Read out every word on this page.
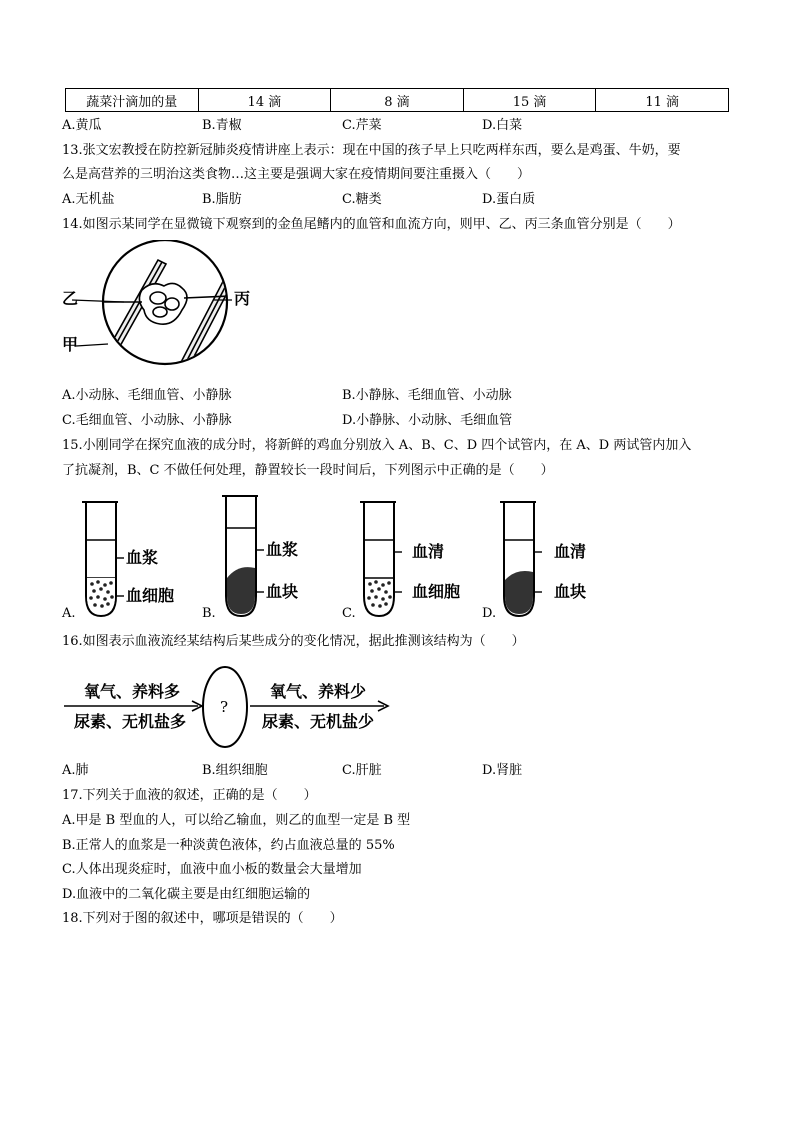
蔬菜汁滴加的量	14 滴	8 滴	15 滴	11 滴
A.黄瓜	B.青椒	C.芹菜	D.白菜
13.张文宏教授在防控新冠肺炎疫情讲座上表示：现在中国的孩子早上只吃两样东西，要么是鸡蛋、牛奶，要
么是高营养的三明治这类食物…这主要是强调大家在疫情期间要注重摄入（　　）
A.无机盐	B.脂肪	C.糖类	D.蛋白质
14.如图示某同学在显微镜下观察到的金鱼尾鳍内的血管和血流方向，则甲、乙、丙三条血管分别是（　　）
乙	丙
甲
A.小动脉、毛细血管、小静脉	B.小静脉、毛细血管、小动脉
C.毛细血管、小动脉、小静脉	D.小静脉、小动脉、毛细血管
15.小刚同学在探究血液的成分时，将新鲜的鸡血分别放入 A、B、C、D 四个试管内，在 A、D 两试管内加入
了抗凝剂，B、C 不做任何处理，静置较长一段时间后，下列图示中正确的是（　　）
血浆
血细胞
A.
血浆
血块
B.
血清
血细胞
C.
血清
血块
D.
16.如图表示血液流经某结构后某些成分的变化情况，据此推测该结构为（　　）
氧气、养料多
尿素、无机盐多
?
氧气、养料少
尿素、无机盐少
A.肺	B.组织细胞	C.肝脏	D.肾脏
17.下列关于血液的叙述，正确的是（　　）
A.甲是 B 型血的人，可以给乙输血，则乙的血型一定是 B 型
B.正常人的血浆是一种淡黄色液体，约占血液总量的 55%
C.人体出现炎症时，血液中血小板的数量会大量增加
D.血液中的二氧化碳主要是由红细胞运输的
18.下列对于图的叙述中，哪项是错误的（　　）
